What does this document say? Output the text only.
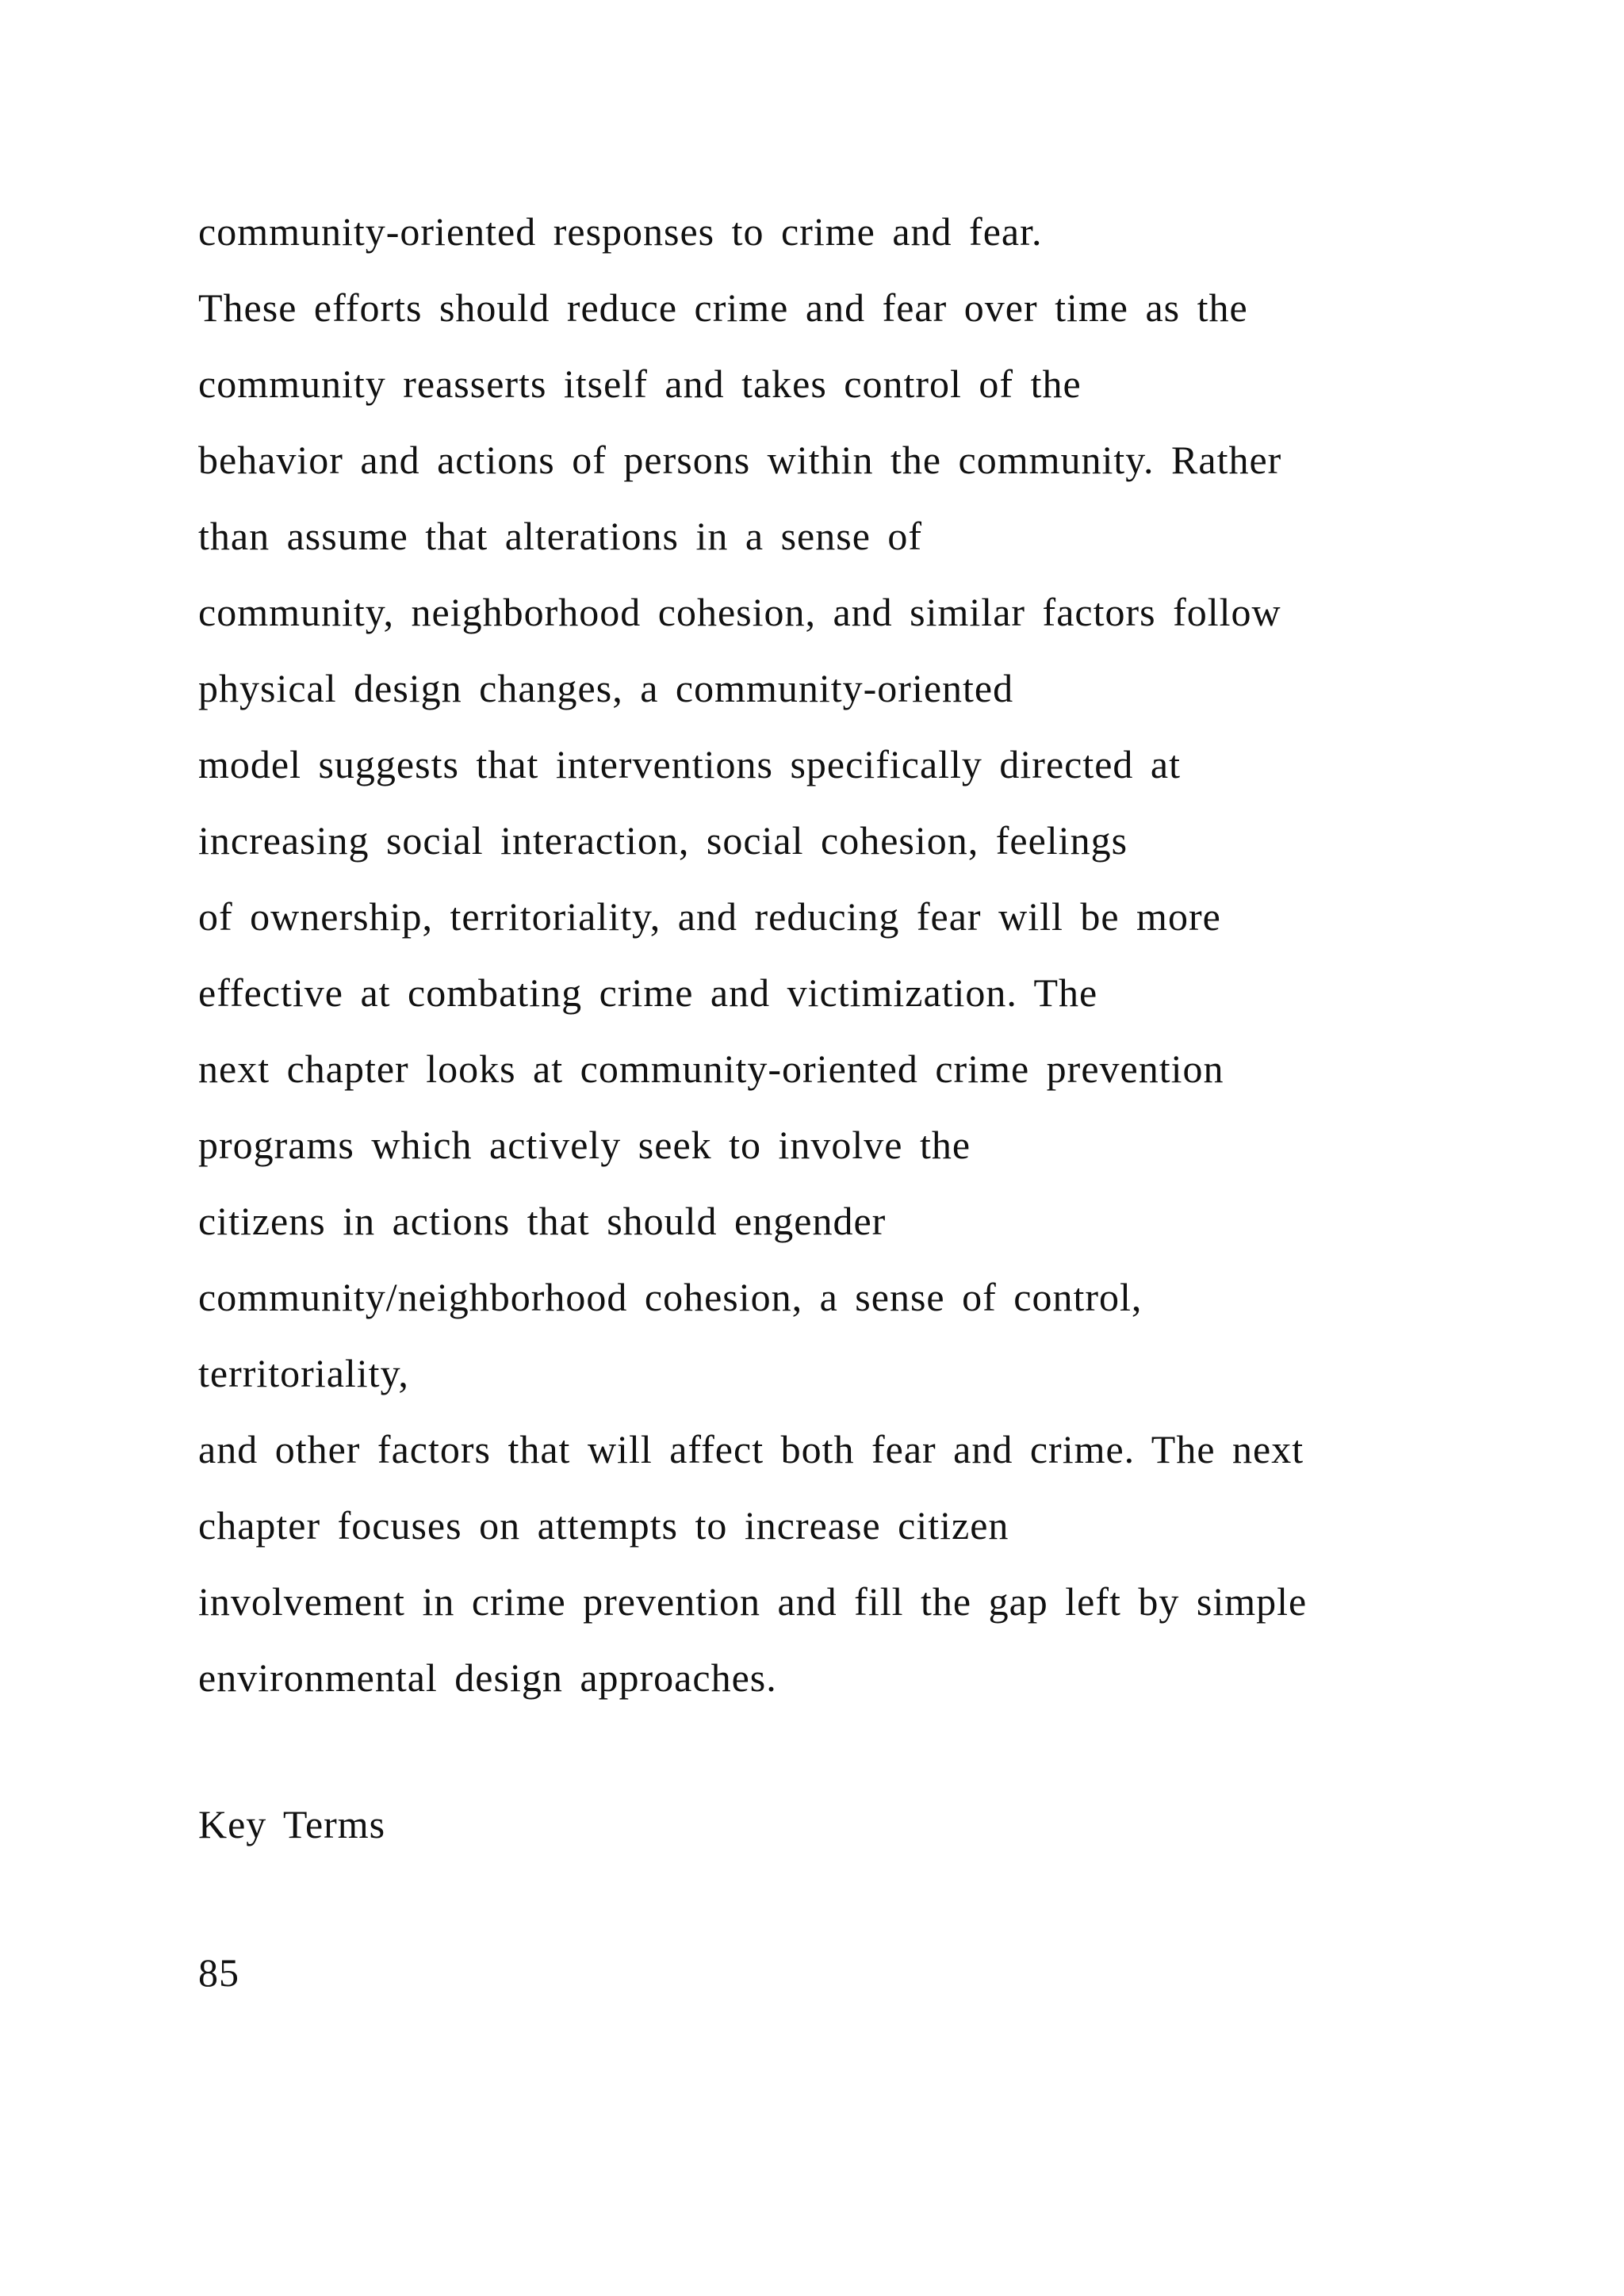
community-oriented responses to crime and fear.
These efforts should reduce crime and fear over time as the
community reasserts itself and takes control of the
behavior and actions of persons within the community. Rather
than assume that alterations in a sense of
community, neighborhood cohesion, and similar factors follow
physical design changes, a community-oriented
model suggests that interventions specifically directed at
increasing social interaction, social cohesion, feelings
of ownership, territoriality, and reducing fear will be more
effective at combating crime and victimization. The
next chapter looks at community-oriented crime prevention
programs which actively seek to involve the
citizens in actions that should engender
community/neighborhood cohesion, a sense of control,
territoriality,
and other factors that will affect both fear and crime. The next
chapter focuses on attempts to increase citizen
involvement in crime prevention and fill the gap left by simple
environmental design approaches.
Key Terms
85
